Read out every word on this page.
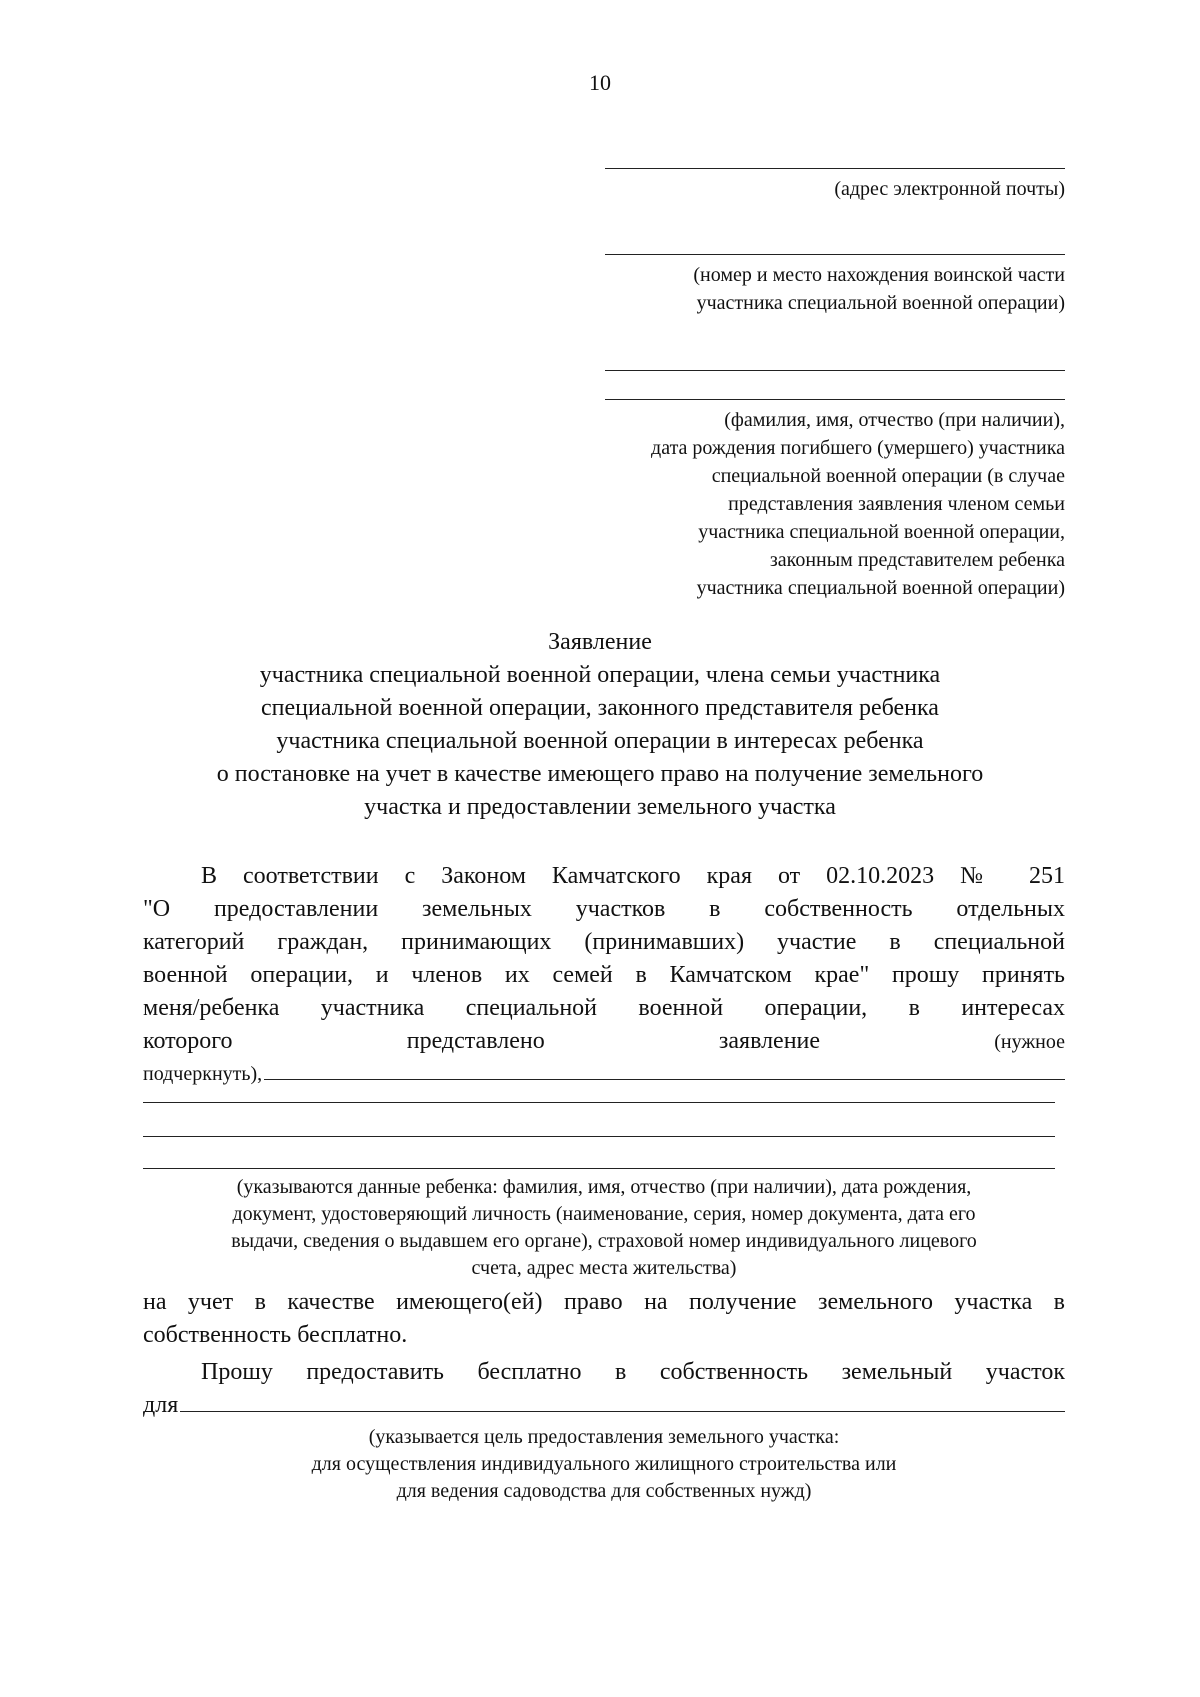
10
(адрес электронной почты)
(номер и место нахождения воинской части
участника специальной военной операции)
(фамилия, имя, отчество (при наличии),
дата рождения погибшего (умершего) участника
специальной военной операции (в случае
представления заявления членом семьи
участника специальной военной операции,
законным представителем ребенка
участника специальной военной операции)
Заявление
участника специальной военной операции, члена семьи участника
специальной военной операции, законного представителя ребенка
участника специальной военной операции в интересах ребенка
о постановке на учет в качестве имеющего право на получение земельного
участка и предоставлении земельного участка
В соответствии с Законом Камчатского края от 02.10.2023 № 251
"О предоставлении земельных участков в собственность отдельных
категорий граждан, принимающих (принимавших) участие в специальной
военной операции, и членов их семей в Камчатском крае" прошу принять
меня/ребенка участника специальной военной операции, в интересах
которого	представлено	заявление	(нужное
подчеркнуть),
(указываются данные ребенка: фамилия, имя, отчество (при наличии), дата рождения,
документ, удостоверяющий личность (наименование, серия, номер документа, дата его
выдачи, сведения о выдавшем его органе), страховой номер индивидуального лицевого
счета, адрес места жительства)
на учет в качестве имеющего(ей) право на получение земельного участка в
собственность бесплатно.
Прошу предоставить бесплатно в собственность земельный участок
для
(указывается цель предоставления земельного участка:
для осуществления индивидуального жилищного строительства или
для ведения садоводства для собственных нужд)
